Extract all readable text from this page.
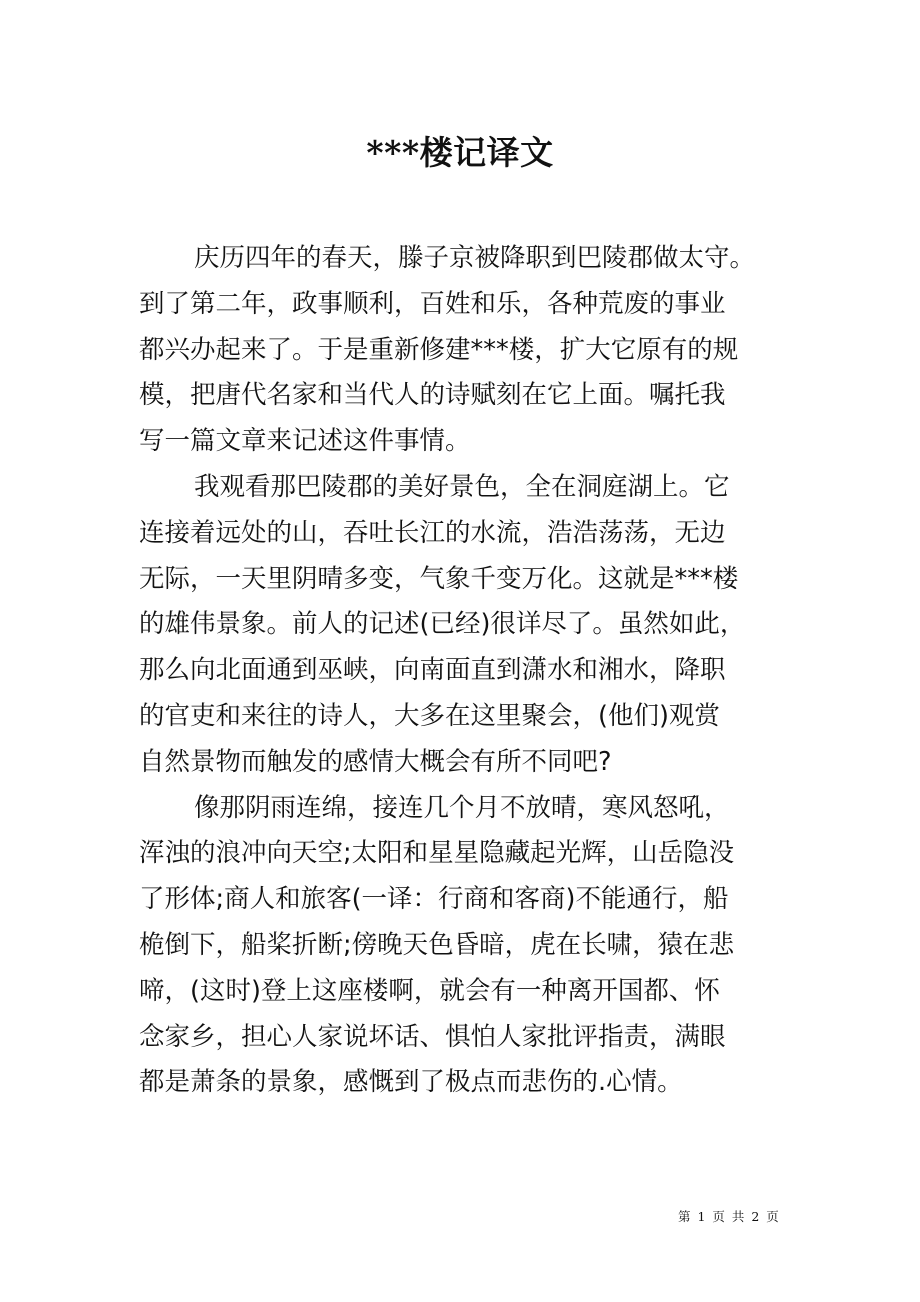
***楼记译文
庆历四年的春天，滕子京被降职到巴陵郡做太守。
到了第二年，政事顺利，百姓和乐，各种荒废的事业
都兴办起来了。于是重新修建***楼，扩大它原有的规
模，把唐代名家和当代人的诗赋刻在它上面。嘱托我
写一篇文章来记述这件事情。
我观看那巴陵郡的美好景色，全在洞庭湖上。它
连接着远处的山，吞吐长江的水流，浩浩荡荡，无边
无际，一天里阴晴多变，气象千变万化。这就是***楼
的雄伟景象。前人的记述(已经)很详尽了。虽然如此，
那么向北面通到巫峡，向南面直到潇水和湘水，降职
的官吏和来往的诗人，大多在这里聚会，(他们)观赏
自然景物而触发的感情大概会有所不同吧?
像那阴雨连绵，接连几个月不放晴，寒风怒吼，
浑浊的浪冲向天空;太阳和星星隐藏起光辉，山岳隐没
了形体;商人和旅客(一译：行商和客商)不能通行，船
桅倒下，船桨折断;傍晚天色昏暗，虎在长啸，猿在悲
啼，(这时)登上这座楼啊，就会有一种离开国都、怀
念家乡，担心人家说坏话、惧怕人家批评指责，满眼
都是萧条的景象，感慨到了极点而悲伤的.心情。
第 1 页 共 2 页
